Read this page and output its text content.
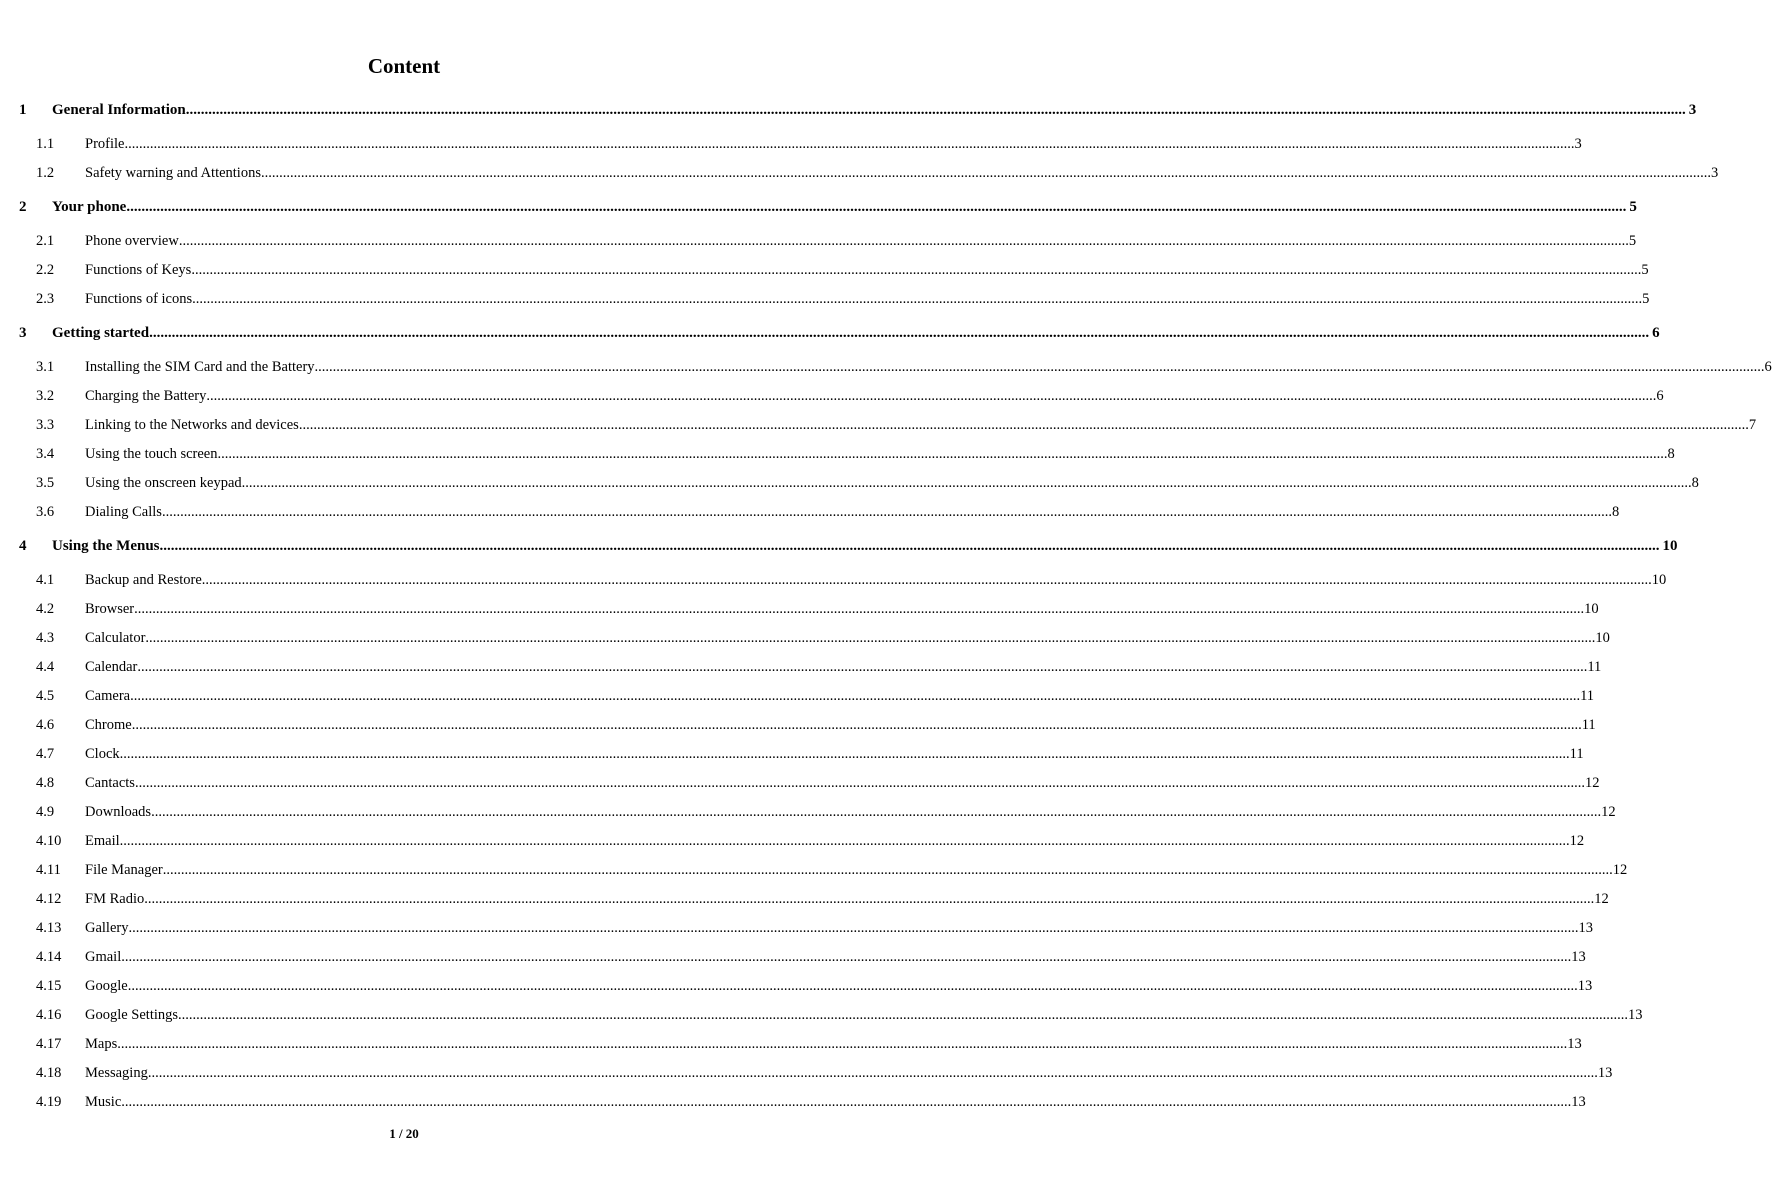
Content
1 General Information ................................................................................................................................................................................................................................................................................................................................................................................................................ 3
1.1 Profile ................................................................................................................................................................................................................................................................................................................................................................................................................ 3
1.2 Safety warning and Attentions ................................................................................................................................................................................................................................................................................................................................................................................................................ 3
2 Your phone ................................................................................................................................................................................................................................................................................................................................................................................................................ 5
2.1 Phone overview ................................................................................................................................................................................................................................................................................................................................................................................................................ 5
2.2 Functions of Keys ................................................................................................................................................................................................................................................................................................................................................................................................................ 5
2.3 Functions of icons ................................................................................................................................................................................................................................................................................................................................................................................................................ 5
3 Getting started ................................................................................................................................................................................................................................................................................................................................................................................................................ 6
3.1 Installing the SIM Card and the Battery ................................................................................................................................................................................................................................................................................................................................................................................................................ 6
3.2 Charging the Battery ................................................................................................................................................................................................................................................................................................................................................................................................................ 6
3.3 Linking to the Networks and devices ................................................................................................................................................................................................................................................................................................................................................................................................................ 7
3.4 Using the touch screen ................................................................................................................................................................................................................................................................................................................................................................................................................ 8
3.5 Using the onscreen keypad ................................................................................................................................................................................................................................................................................................................................................................................................................ 8
3.6 Dialing Calls ................................................................................................................................................................................................................................................................................................................................................................................................................ 8
4 Using the Menus ................................................................................................................................................................................................................................................................................................................................................................................................................ 10
4.1 Backup and Restore ................................................................................................................................................................................................................................................................................................................................................................................................................ 10
4.2 Browser ................................................................................................................................................................................................................................................................................................................................................................................................................ 10
4.3 Calculator ................................................................................................................................................................................................................................................................................................................................................................................................................ 10
4.4 Calendar ................................................................................................................................................................................................................................................................................................................................................................................................................ 11
4.5 Camera ................................................................................................................................................................................................................................................................................................................................................................................................................ 11
4.6 Chrome ................................................................................................................................................................................................................................................................................................................................................................................................................ 11
4.7 Clock ................................................................................................................................................................................................................................................................................................................................................................................................................ 11
4.8 Cantacts ................................................................................................................................................................................................................................................................................................................................................................................................................ 12
4.9 Downloads ................................................................................................................................................................................................................................................................................................................................................................................................................ 12
4.10 Email ................................................................................................................................................................................................................................................................................................................................................................................................................ 12
4.11 File Manager ................................................................................................................................................................................................................................................................................................................................................................................................................ 12
4.12 FM Radio ................................................................................................................................................................................................................................................................................................................................................................................................................ 12
4.13 Gallery ................................................................................................................................................................................................................................................................................................................................................................................................................ 13
4.14 Gmail ................................................................................................................................................................................................................................................................................................................................................................................................................ 13
4.15 Google ................................................................................................................................................................................................................................................................................................................................................................................................................ 13
4.16 Google Settings ................................................................................................................................................................................................................................................................................................................................................................................................................ 13
4.17 Maps ................................................................................................................................................................................................................................................................................................................................................................................................................ 13
4.18 Messaging ................................................................................................................................................................................................................................................................................................................................................................................................................ 13
4.19 Music ................................................................................................................................................................................................................................................................................................................................................................................................................ 13
1 / 20
